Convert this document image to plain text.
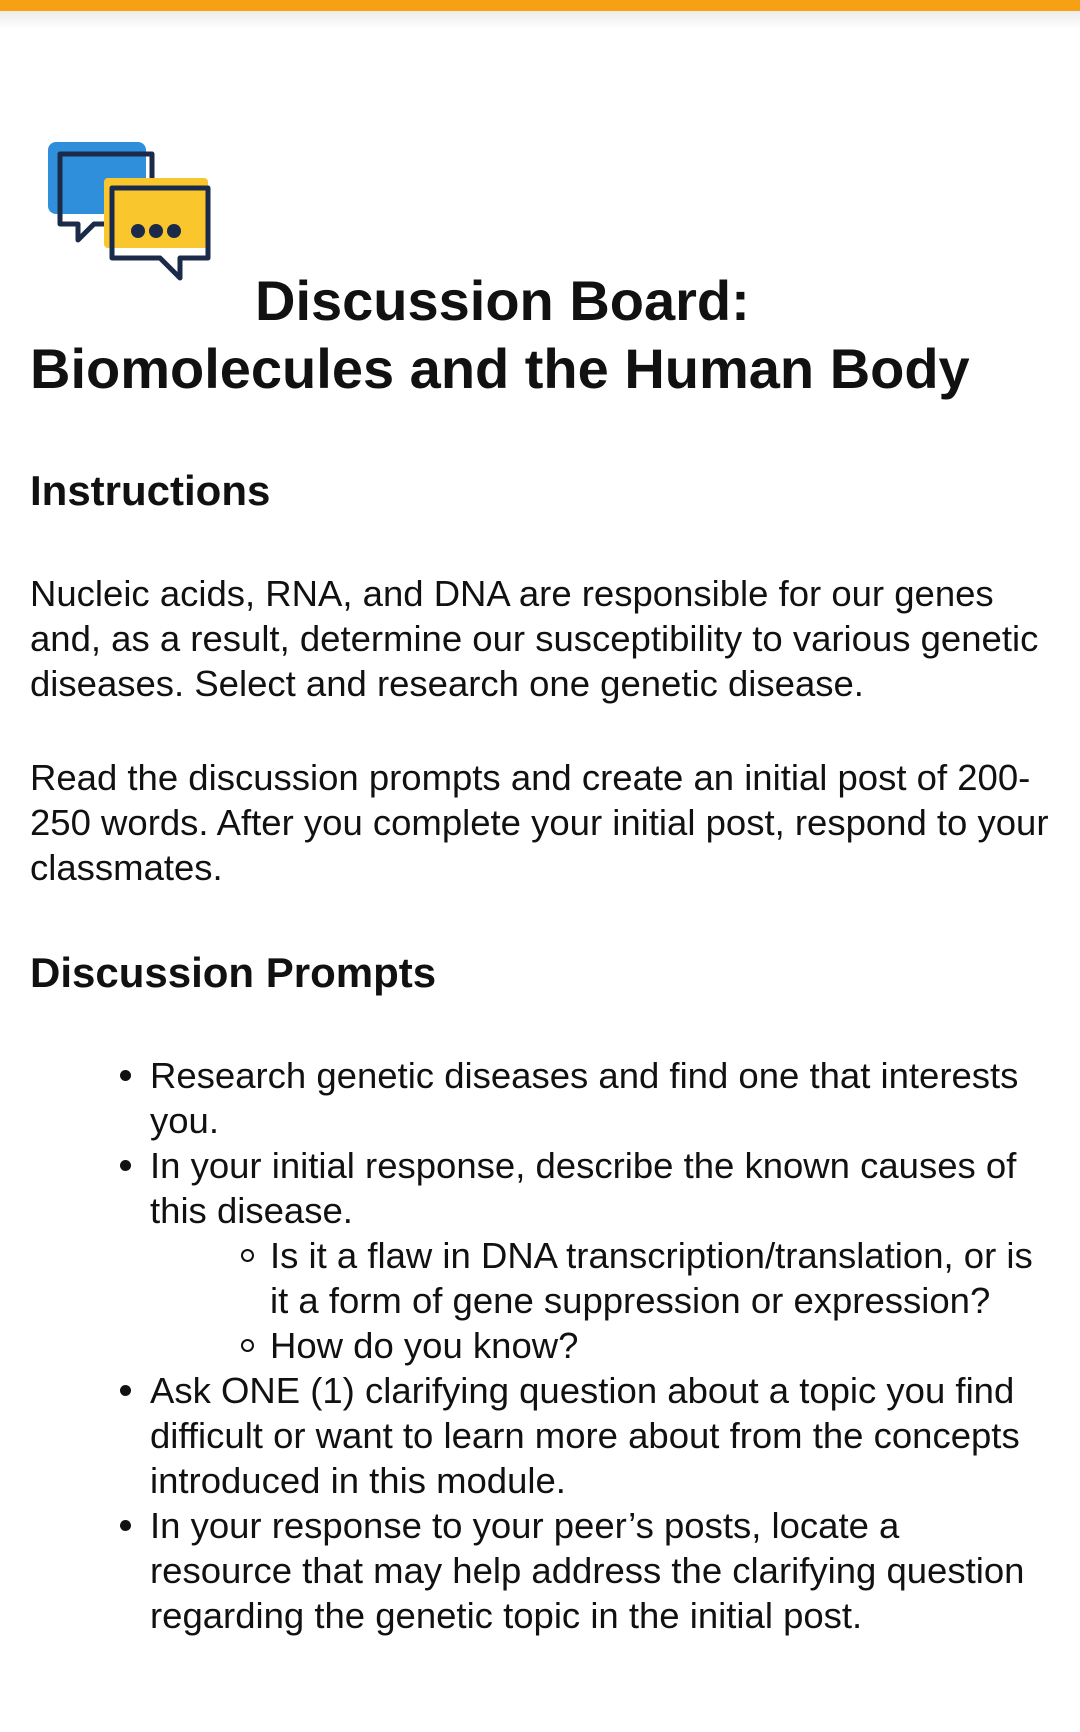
Discussion Board:
Biomolecules and the Human Body
Instructions

Nucleic acids, RNA, and DNA are responsible for our genes and, as a result, determine our susceptibility to various genetic diseases. Select and research one genetic disease.

Read the discussion prompts and create an initial post of 200-250 words. After you complete your initial post, respond to your classmates.

Discussion Prompts
Research genetic diseases and find one that interests you.
In your initial response, describe the known causes of this disease.
Is it a flaw in DNA transcription/translation, or is it a form of gene suppression or expression?
How do you know?
Ask ONE (1) clarifying question about a topic you find difficult or want to learn more about from the concepts introduced in this module.
In your response to your peer’s posts, locate a resource that may help address the clarifying question regarding the genetic topic in the initial post.
